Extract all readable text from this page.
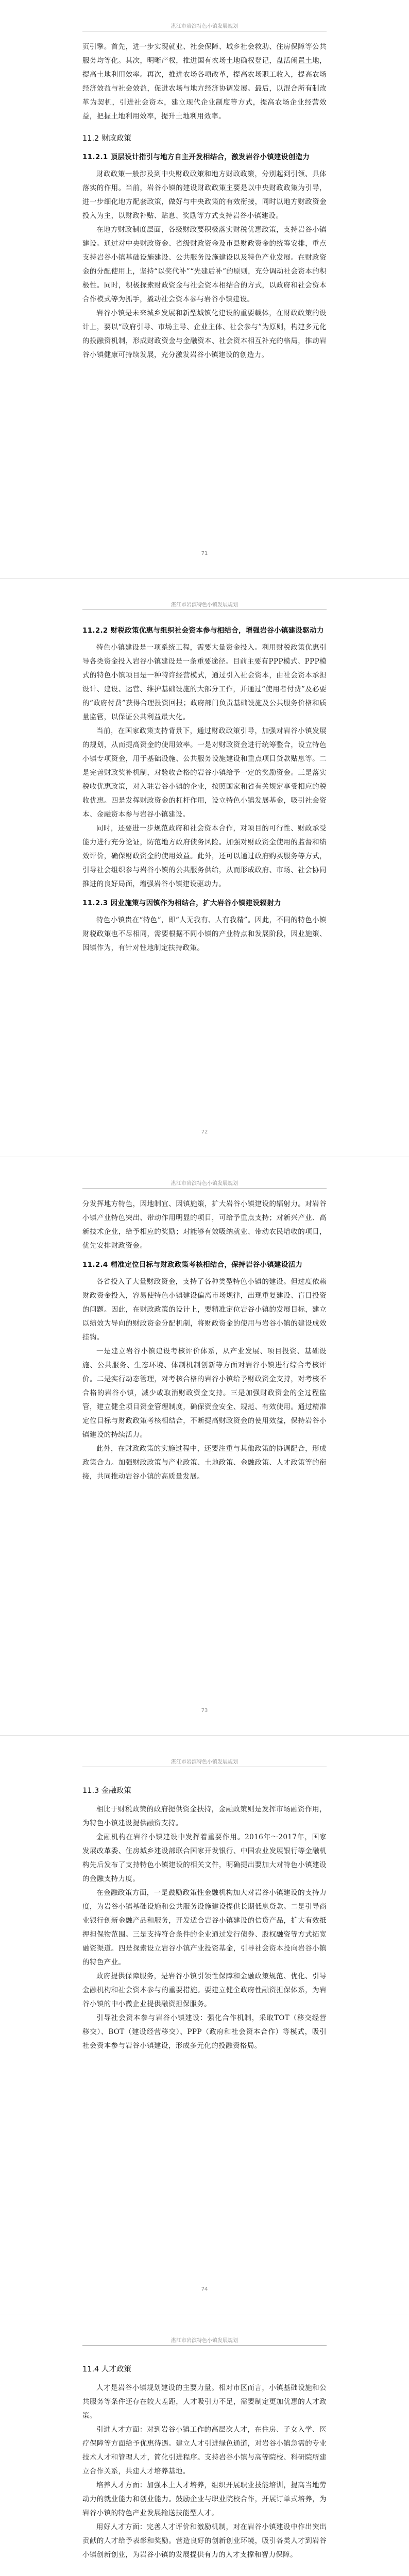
湛江市岩滨特色小镇发展规划

页引擎。首先，进一步实现就业、社会保障、城乡社会救助、住房保障等公共服务均等化。其次，明晰产权，推进国有农场土地确权登记，盘活闲置土地，提高土地利用效率。再次，推进农场各项改革，提高农场职工收入，提高农场经济效益与社会效益，促进农场与地方经济协调发展。最后，以混合所有制改革为契机，引进社会资本，建立现代企业制度等方式，提高农场企业经营效益，把握土地利用效率，提升土地利用效率。

11.2 财政政策
11.2.1 顶层设计指引与地方自主开发相结合，激发岩谷小镇建设创造力

财政政策一般涉及到中央财政政策和地方财政政策，分别起到引领、具体落实的作用。当前，岩谷小镇的建设财政政策主要是以中央财政政策为引导，进一步细化地方配套政策，做好与中央政策的有效衔接，同时以地方财政资金投入为主，以财政补贴、贴息、奖励等方式支持岩谷小镇建设。

在地方财政制度层面，各级财政要积极落实财税优惠政策，支持岩谷小镇建设。通过对中央财政资金、省级财政资金及市县财政资金的统筹安排，重点支持岩谷小镇基础设施建设、公共服务设施建设以及特色产业发展。在财政资金的分配使用上，坚持“以奖代补”“先建后补”的原则，充分调动社会资本的积极性。同时，积极探索财政资金与社会资本相结合的方式，以政府和社会资本合作模式等为抓手，撬动社会资本参与岩谷小镇建设。

岩谷小镇是未来城乡发展和新型城镇化建设的重要载体，在财政政策的设计上，要以“政府引导、市场主导、企业主体、社会参与”为原则，构建多元化的投融资机制，形成财政资金与金融资本、社会资本相互补充的格局，推动岩谷小镇健康可持续发展，充分激发岩谷小镇建设的创造力。

71
湛江市岩滨特色小镇发展规划
11.2.2 财税政策优惠与组织社会资本参与相结合，增强岩谷小镇建设驱动力

特色小镇建设是一项系统工程，需要大量资金投入。利用财税政策优惠引导各类资金投入岩谷小镇建设是一条重要途径。目前主要有PPP模式、PPP模式的特色小镇项目是一种特许经营模式，通过引入社会资本，由社会资本承担设计、建设、运营、维护基础设施的大部分工作，并通过“使用者付费”及必要的“政府付费”获得合理投资回报；政府部门负责基础设施及公共服务价格和质量监管，以保证公共利益最大化。

当前，在国家政策支持背景下，通过财政政策引导，加强对岩谷小镇发展的规划，从而提高资金的使用效率。一是对财政资金进行统筹整合，设立特色小镇专项资金，用于基础设施、公共服务设施建设和重点项目贷款贴息等。二是完善财政奖补机制，对验收合格的岩谷小镇给予一定的奖励资金。三是落实税收优惠政策，对入驻岩谷小镇的企业，按照国家和省有关规定享受相应的税收优惠。四是发挥财政资金的杠杆作用，设立特色小镇发展基金，吸引社会资本、金融资本参与岩谷小镇建设。

同时，还要进一步规范政府和社会资本合作，对项目的可行性、财政承受能力进行充分论证，防范地方政府债务风险。加强对财政资金使用的监督和绩效评价，确保财政资金的使用效益。此外，还可以通过政府购买服务等方式，引导社会组织参与岩谷小镇的公共服务供给，从而形成政府、市场、社会协同推进的良好局面，增强岩谷小镇建设驱动力。

11.2.3 因业施策与因镇作为相结合，扩大岩谷小镇建设辐射力

特色小镇贵在“特色”，即“人无我有、人有我精”。因此，不同的特色小镇财税政策也不尽相同，需要根据不同小镇的产业特点和发展阶段，因业施策、因镇作为，有针对性地制定扶持政策。

72
湛江市岩滨特色小镇发展规划

分发挥地方特色，因地制宜、因镇施策，扩大岩谷小镇建设的辐射力。对岩谷小镇产业特色突出、带动作用明显的项目，可给予重点支持；对新兴产业、高新技术企业，给予相应的奖励；对能够有效吸纳就业、带动农民增收的项目，优先安排财政资金。

11.2.4 精准定位目标与财政政策考核相结合，保持岩谷小镇建设活力

各省投入了大量财政资金，支持了各种类型特色小镇的建设。但过度依赖财政资金投入，容易使特色小镇建设偏离市场规律，出现重复建设、盲目投资的问题。因此，在财政政策的设计上，要精准定位岩谷小镇的发展目标，建立以绩效为导向的财政资金分配机制，将财政资金的使用与岩谷小镇的建设成效挂钩。

一是建立岩谷小镇建设考核评价体系，从产业发展、项目投资、基础设施、公共服务、生态环境、体制机制创新等方面对岩谷小镇进行综合考核评价。二是实行动态管理，对考核合格的岩谷小镇给予财政资金支持，对考核不合格的岩谷小镇，减少或取消财政资金支持。三是加强财政资金的全过程监管，建立健全项目资金管理制度，确保资金安全、规范、有效使用。通过精准定位目标与财政政策考核相结合，不断提高财政资金的使用效益，保持岩谷小镇建设的持续活力。

此外，在财政政策的实施过程中，还要注重与其他政策的协调配合，形成政策合力。加强财政政策与产业政策、土地政策、金融政策、人才政策等的衔接，共同推动岩谷小镇的高质量发展。

73
湛江市岩滨特色小镇发展规划
11.3 金融政策

相比于财税政策的政府提供资金扶持，金融政策则是发挥市场融资作用，为特色小镇建设提供融资支持。

金融机构在岩谷小镇建设中发挥着重要作用。2016年～2017年，国家发展改革委、住房城乡建设部联合国家开发银行、中国农业发展银行等金融机构先后发布了支持特色小镇建设的相关文件，明确提出要加大对特色小镇建设的金融支持力度。

在金融政策方面，一是鼓励政策性金融机构加大对岩谷小镇建设的支持力度，为岩谷小镇基础设施和公共服务设施建设提供长期低息贷款。二是引导商业银行创新金融产品和服务，开发适合岩谷小镇建设的信贷产品，扩大有效抵押担保物范围。三是支持符合条件的企业通过发行债券、股权融资等方式拓宽融资渠道。四是探索设立岩谷小镇产业投资基金，引导社会资本投向岩谷小镇的特色产业。

政府提供保障服务，是岩谷小镇引领性保障和金融政策规范、优化、引导金融机构和社会资本参与的重要措施。要建立健全政府性融资担保体系，为岩谷小镇的中小微企业提供融资担保服务。

引导社会资本参与岩谷小镇建设：强化合作机制，采取TOT（移交经营移交）、BOT（建设经营移交）、PPP（政府和社会资本合作）等模式，吸引社会资本参与岩谷小镇建设，形成多元化的投融资格局。

74
湛江市岩滨特色小镇发展规划
11.4 人才政策

人才是岩谷小镇规划建设的主要力量。相对市区而言，小镇基础设施和公共服务等条件还存在较大差距，人才吸引力不足，需要制定更加优惠的人才政策。

引进人才方面：对到岩谷小镇工作的高层次人才，在住房、子女入学、医疗保障等方面给予优惠待遇。建立人才引进绿色通道，对岩谷小镇急需的专业技术人才和管理人才，简化引进程序。支持岩谷小镇与高等院校、科研院所建立合作关系，共建人才培养基地。

培养人才方面：加强本土人才培养，组织开展职业技能培训，提高当地劳动力的就业能力和创业能力。鼓励企业与职业院校合作，开展订单式培养，为岩谷小镇的特色产业发展输送技能型人才。

用好人才方面：完善人才评价和激励机制，对在岩谷小镇建设中作出突出贡献的人才给予表彰和奖励。营造良好的创新创业环境，吸引各类人才到岩谷小镇创新创业，为岩谷小镇的发展提供有力的人才支撑和智力保障。
